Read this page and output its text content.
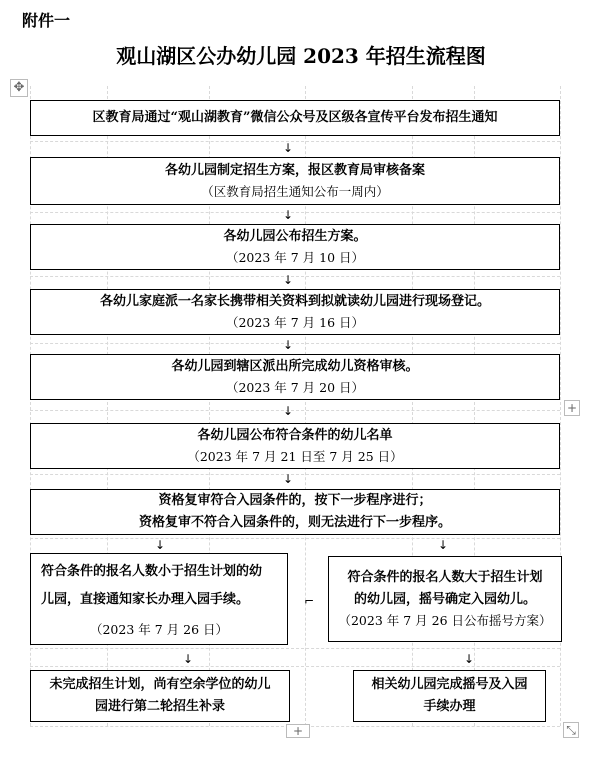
附件一
观山湖区公办幼儿园 2023 年招生流程图
✥
区教育局通过“观山湖教育”微信公众号及区级各宣传平台发布招生通知
↓
各幼儿园制定招生方案，报区教育局审核备案
（区教育局招生通知公布一周内）
↓
各幼儿园公布招生方案。
（2023 年 7 月 10 日）
↓
各幼儿家庭派一名家长携带相关资料到拟就读幼儿园进行现场登记。
（2023 年 7 月 16 日）
↓
各幼儿园到辖区派出所完成幼儿资格审核。
（2023 年 7 月 20 日）
↓	+
各幼儿园公布符合条件的幼儿名单
（2023 年 7 月 21 日至 7 月 25 日）
↓
资格复审符合入园条件的，按下一步程序进行；
资格复审不符合入园条件的，则无法进行下一步程序。
↓	↓
符合条件的报名人数小于招生计划的幼
儿园，直接通知家长办理入园手续。
（2023 年 7 月 26 日）
⌐
符合条件的报名人数大于招生计划
的幼儿园，摇号确定入园幼儿。
（2023 年 7 月 26 日公布摇号方案）
↓	↓
未完成招生计划，尚有空余学位的幼儿
园进行第二轮招生补录
相关幼儿园完成摇号及入园
手续办理
+	⤡
